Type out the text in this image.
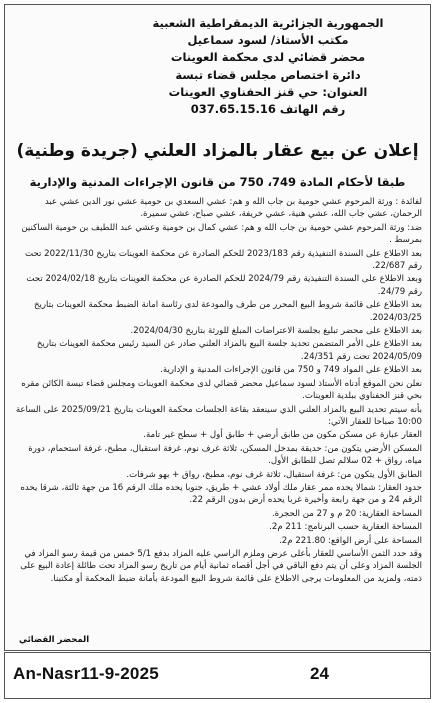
الجمهورية الجزائرية الديمقراطية الشعبية
مكتب الأستاذ/ لسود سماعيل
محضر قضائي لدى محكمة العوينات
دائرة اختصاص مجلس قضاء تبسة
العنوان: حي قنز الحفناوي العوينات
رقم الهاتف 037.65.15.16
إعلان عن بيع عقار بالمزاد العلني (جريدة وطنية)
طبقا لأحكام المادة 749، 750 من قانون الإجراءات المدنية والإدارية

لفائدة : ورثة المرحوم عشي حومية بن جاب الله و هم: عشي السعدي بن حومية عشي نور الدين عشي عبد الرحمان، عشي جاب الله، عشي هنية، عشي خريفة، عشي صباح، عشي سميرة.

ضد: ورثة المرحوم عشي حومية بن جاب الله و هم: عشي كمال بن حومية وعشي عبد اللطيف بن حومية الساكنين بمرسط .

بعد الاطلاع على السندة التنفيذية رقم 2023/183 للحكم الصادرة عن محكمة العوينات بتاريخ 2022/11/30 تحت رقم 22/687.

وبعد الاطلاع على السندة التنفيذية رقم 2024/79 للحكم الصادرة عن محكمة العوينات بتاريخ 2024/02/18 تحت رقم 24/79.

بعد الاطلاع على قائمة شروط البيع المحرر من طرف والمودعة لدى رئاسة امانة الضبط محكمة العوينات بتاريخ 2024/03/25.

بعد الاطلاع على محضر تبليغ بجلسة الاعتراضات المبلغ للورثة بتاريخ 2024/04/30.

بعد الاطلاع على الأمر المتضمن تحديد جلسة البيع بالمزاد العلني صادر عن السيد رئيس محكمة العوينات بتاريخ 2024/05/09 تحت رقم 24/351.

بعد الاطلاع على المواد 749 و 750 من قانون الإجراءات المدنية و الإدارية.

نعلن نحن الموقع أدناه الأستاذ لسود سماعيل محضر قضائي لدى محكمة العوينات ومجلس قضاء تبسة الكائن مقره بحي قنز الحفناوي ببلدية العوينات.

بأنه سيتم تحديد البيع بالمزاد العلني الذي سينعقد بقاعة الجلسات محكمة العوينات بتاريخ 2025/09/21 على الساعة 10:00 صباحا للعقار الآتي:

العقار عبارة عن مسكن مكون من طابق أرضي + طابق أول + سطح غير تامة.

المسكن الأرضي يتكون من: حديقة بمدخل المسكن، ثلاثة غرف نوم، غرفة استقبال، مطبخ، غرفة استحمام، دورة مياه، رواق + 02 سلالم تصل للطابق الأول.

الطابق الأول يتكون من: غرفة استقبال، ثلاثة غرف نوم، مطبخ، رواق + بهو شرفات.

حدود العقار: شمالا يحده ممر عقار ملك أولاد عشي + طريق، جنوبا يحده ملك الرقم 16 من جهة ثالثة، شرقا يحده الرقم 24 و من جهة رابعة وأخيرة غربا يحده أرض بدون الرقم 22.

المساحة العقارية: 20 م و 27 من الحجرة.

المساحة العقارية حسب البرنامج: 211 م2.

المساحة على أرض الواقع: 221.80 م2.

وقد حدد الثمن الأساسي للعقار بأعلى عرض وملزم الراسي عليه المزاد بدفع 5/1 خمس من قيمة رسو المزاد في الجلسة المزاد وعلى أن يتم دفع الباقي في أجل أقصاه ثمانية أيام من تاريخ رسو المزاد تحت طائلة إعادة البيع على ذمته، ولمزيد من المعلومات يرجى الاطلاع على قائمة شروط البيع المودعة بأمانة ضبط المحكمة أو مكتبنا.

المحضر القضائي
An-Nasr11-9-2025	24
